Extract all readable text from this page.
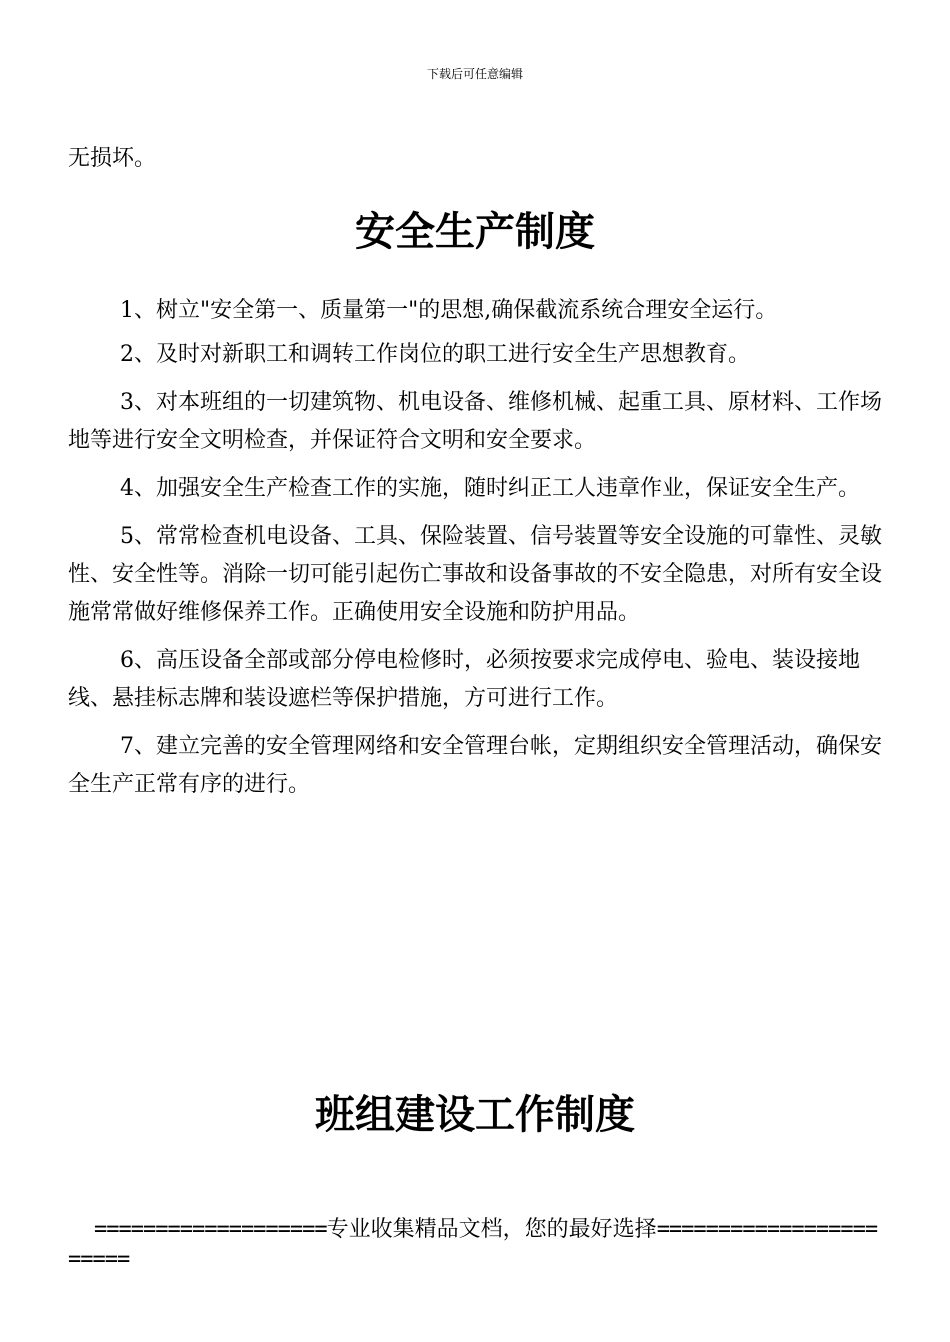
下载后可任意编辑
无损坏。
安全生产制度
1、树立"安全第一、质量第一"的思想,确保截流系统合理安全运行。
2、及时对新职工和调转工作岗位的职工进行安全生产思想教育。
3、对本班组的一切建筑物、机电设备、维修机械、起重工具、原材料、工作场地等进行安全文明检查，并保证符合文明和安全要求。
4、加强安全生产检查工作的实施，随时纠正工人违章作业，保证安全生产。
5、常常检查机电设备、工具、保险装置、信号装置等安全设施的可靠性、灵敏性、安全性等。消除一切可能引起伤亡事故和设备事故的不安全隐患，对所有安全设施常常做好维修保养工作。正确使用安全设施和防护用品。
6、高压设备全部或部分停电检修时，必须按要求完成停电、验电、装设接地线、悬挂标志牌和装设遮栏等保护措施，方可进行工作。
7、建立完善的安全管理网络和安全管理台帐，定期组织安全管理活动，确保安全生产正常有序的进行。
班组建设工作制度
===================专业收集精品文档，您的最好选择=======================
